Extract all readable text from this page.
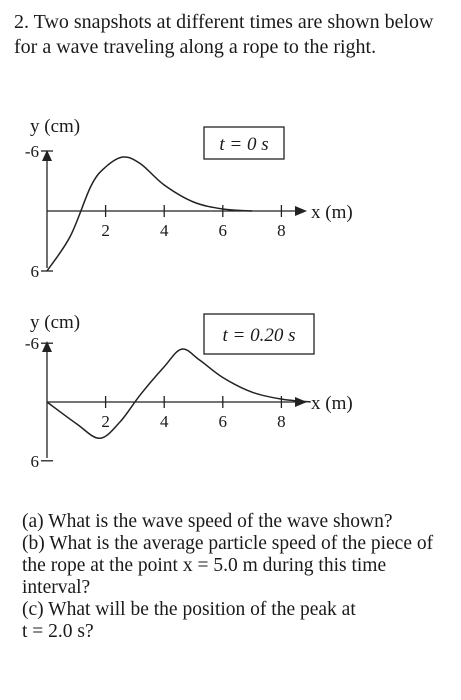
2. Two snapshots at different times are shown below for a wave traveling along a rope to the right.
t = 0 s
y (cm)
x (m)
6
-6
2	4	6	8
t = 0.20 s
y (cm)
x (m)
6
-6
2	4	6	8

(a) What is the wave speed of the wave shown?

(b) What is the average particle speed of the piece of the rope at the point x = 5.0 m during this time interval?

(c) What will be the position of the peak at
t = 2.0 s?
